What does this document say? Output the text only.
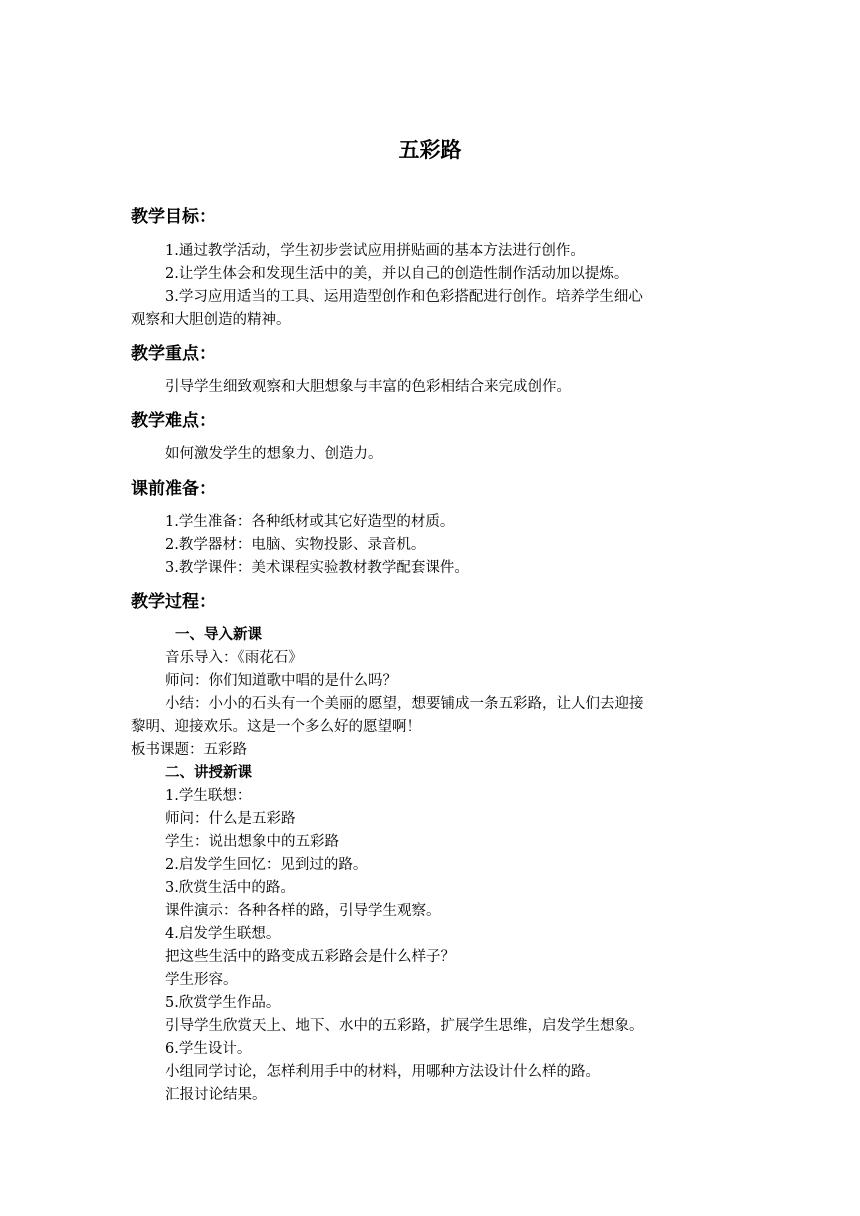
五彩路
教学目标：
1.通过教学活动，学生初步尝试应用拼贴画的基本方法进行创作。
2.让学生体会和发现生活中的美，并以自己的创造性制作活动加以提炼。
3.学习应用适当的工具、运用造型创作和色彩搭配进行创作。培养学生细心
观察和大胆创造的精神。
教学重点：
引导学生细致观察和大胆想象与丰富的色彩相结合来完成创作。
教学难点：
如何激发学生的想象力、创造力。
课前准备：
1.学生准备：各种纸材或其它好造型的材质。
2.教学器材：电脑、实物投影、录音机。
3.教学课件：美术课程实验教材教学配套课件。
教学过程：
一、导入新课
音乐导入：《雨花石》
师问：你们知道歌中唱的是什么吗？
小结：小小的石头有一个美丽的愿望，想要铺成一条五彩路，让人们去迎接
黎明、迎接欢乐。这是一个多么好的愿望啊！
板书课题：五彩路
二、讲授新课
1.学生联想：
师问：什么是五彩路
学生：说出想象中的五彩路
2.启发学生回忆：见到过的路。
3.欣赏生活中的路。
课件演示：各种各样的路，引导学生观察。
4.启发学生联想。
把这些生活中的路变成五彩路会是什么样子？
学生形容。
5.欣赏学生作品。
引导学生欣赏天上、地下、水中的五彩路，扩展学生思维，启发学生想象。
6.学生设计。
小组同学讨论，怎样利用手中的材料，用哪种方法设计什么样的路。
汇报讨论结果。
